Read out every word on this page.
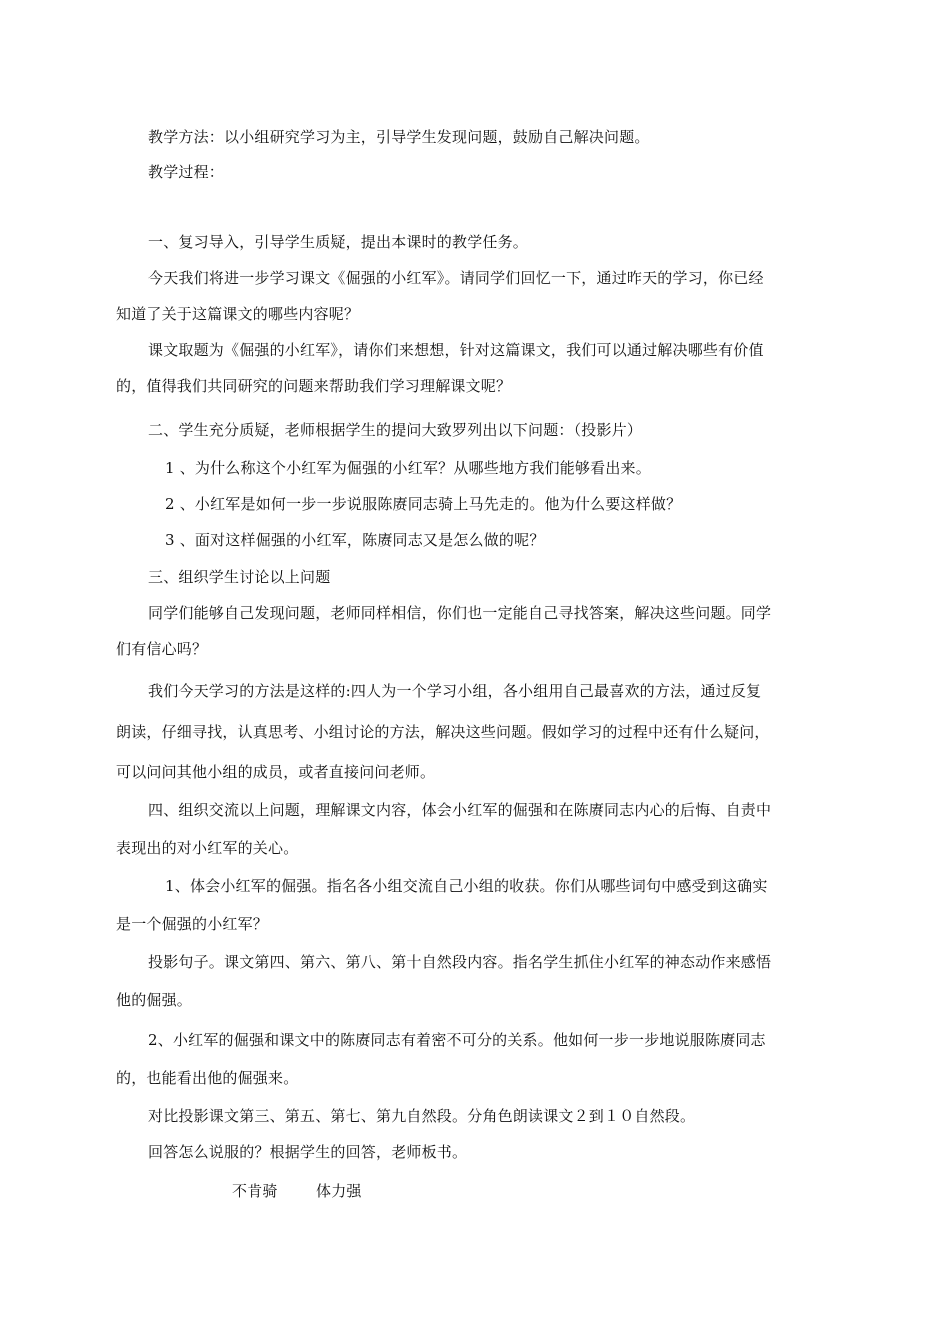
教学方法：以小组研究学习为主，引导学生发现问题，鼓励自己解决问题。
教学过程：
一、复习导入，引导学生质疑，提出本课时的教学任务。
今天我们将进一步学习课文《倔强的小红军》。请同学们回忆一下，通过昨天的学习，你已经
知道了关于这篇课文的哪些内容呢？
课文取题为《倔强的小红军》，请你们来想想，针对这篇课文，我们可以通过解决哪些有价值
的，值得我们共同研究的问题来帮助我们学习理解课文呢？
二、学生充分质疑，老师根据学生的提问大致罗列出以下问题：（投影片）
1 、为什么称这个小红军为倔强的小红军？从哪些地方我们能够看出来。
2 、小红军是如何一步一步说服陈赓同志骑上马先走的。他为什么要这样做？
3 、面对这样倔强的小红军，陈赓同志又是怎么做的呢？
三、组织学生讨论以上问题
同学们能够自己发现问题，老师同样相信，你们也一定能自己寻找答案，解决这些问题。同学
们有信心吗？
我们今天学习的方法是这样的:四人为一个学习小组，各小组用自己最喜欢的方法，通过反复
朗读，仔细寻找，认真思考、小组讨论的方法，解决这些问题。假如学习的过程中还有什么疑问，
可以问问其他小组的成员，或者直接问问老师。
四、组织交流以上问题，理解课文内容，体会小红军的倔强和在陈赓同志内心的后悔、自责中
表现出的对小红军的关心。
1、体会小红军的倔强。指名各小组交流自己小组的收获。你们从哪些词句中感受到这确实
是一个倔强的小红军？
投影句子。课文第四、第六、第八、第十自然段内容。指名学生抓住小红军的神态动作来感悟
他的倔强。
2、小红军的倔强和课文中的陈赓同志有着密不可分的关系。他如何一步一步地说服陈赓同志
的，也能看出他的倔强来。
对比投影课文第三、第五、第七、第九自然段。分角色朗读课文２到１０自然段。
回答怎么说服的？根据学生的回答，老师板书。
不肯骑	体力强
